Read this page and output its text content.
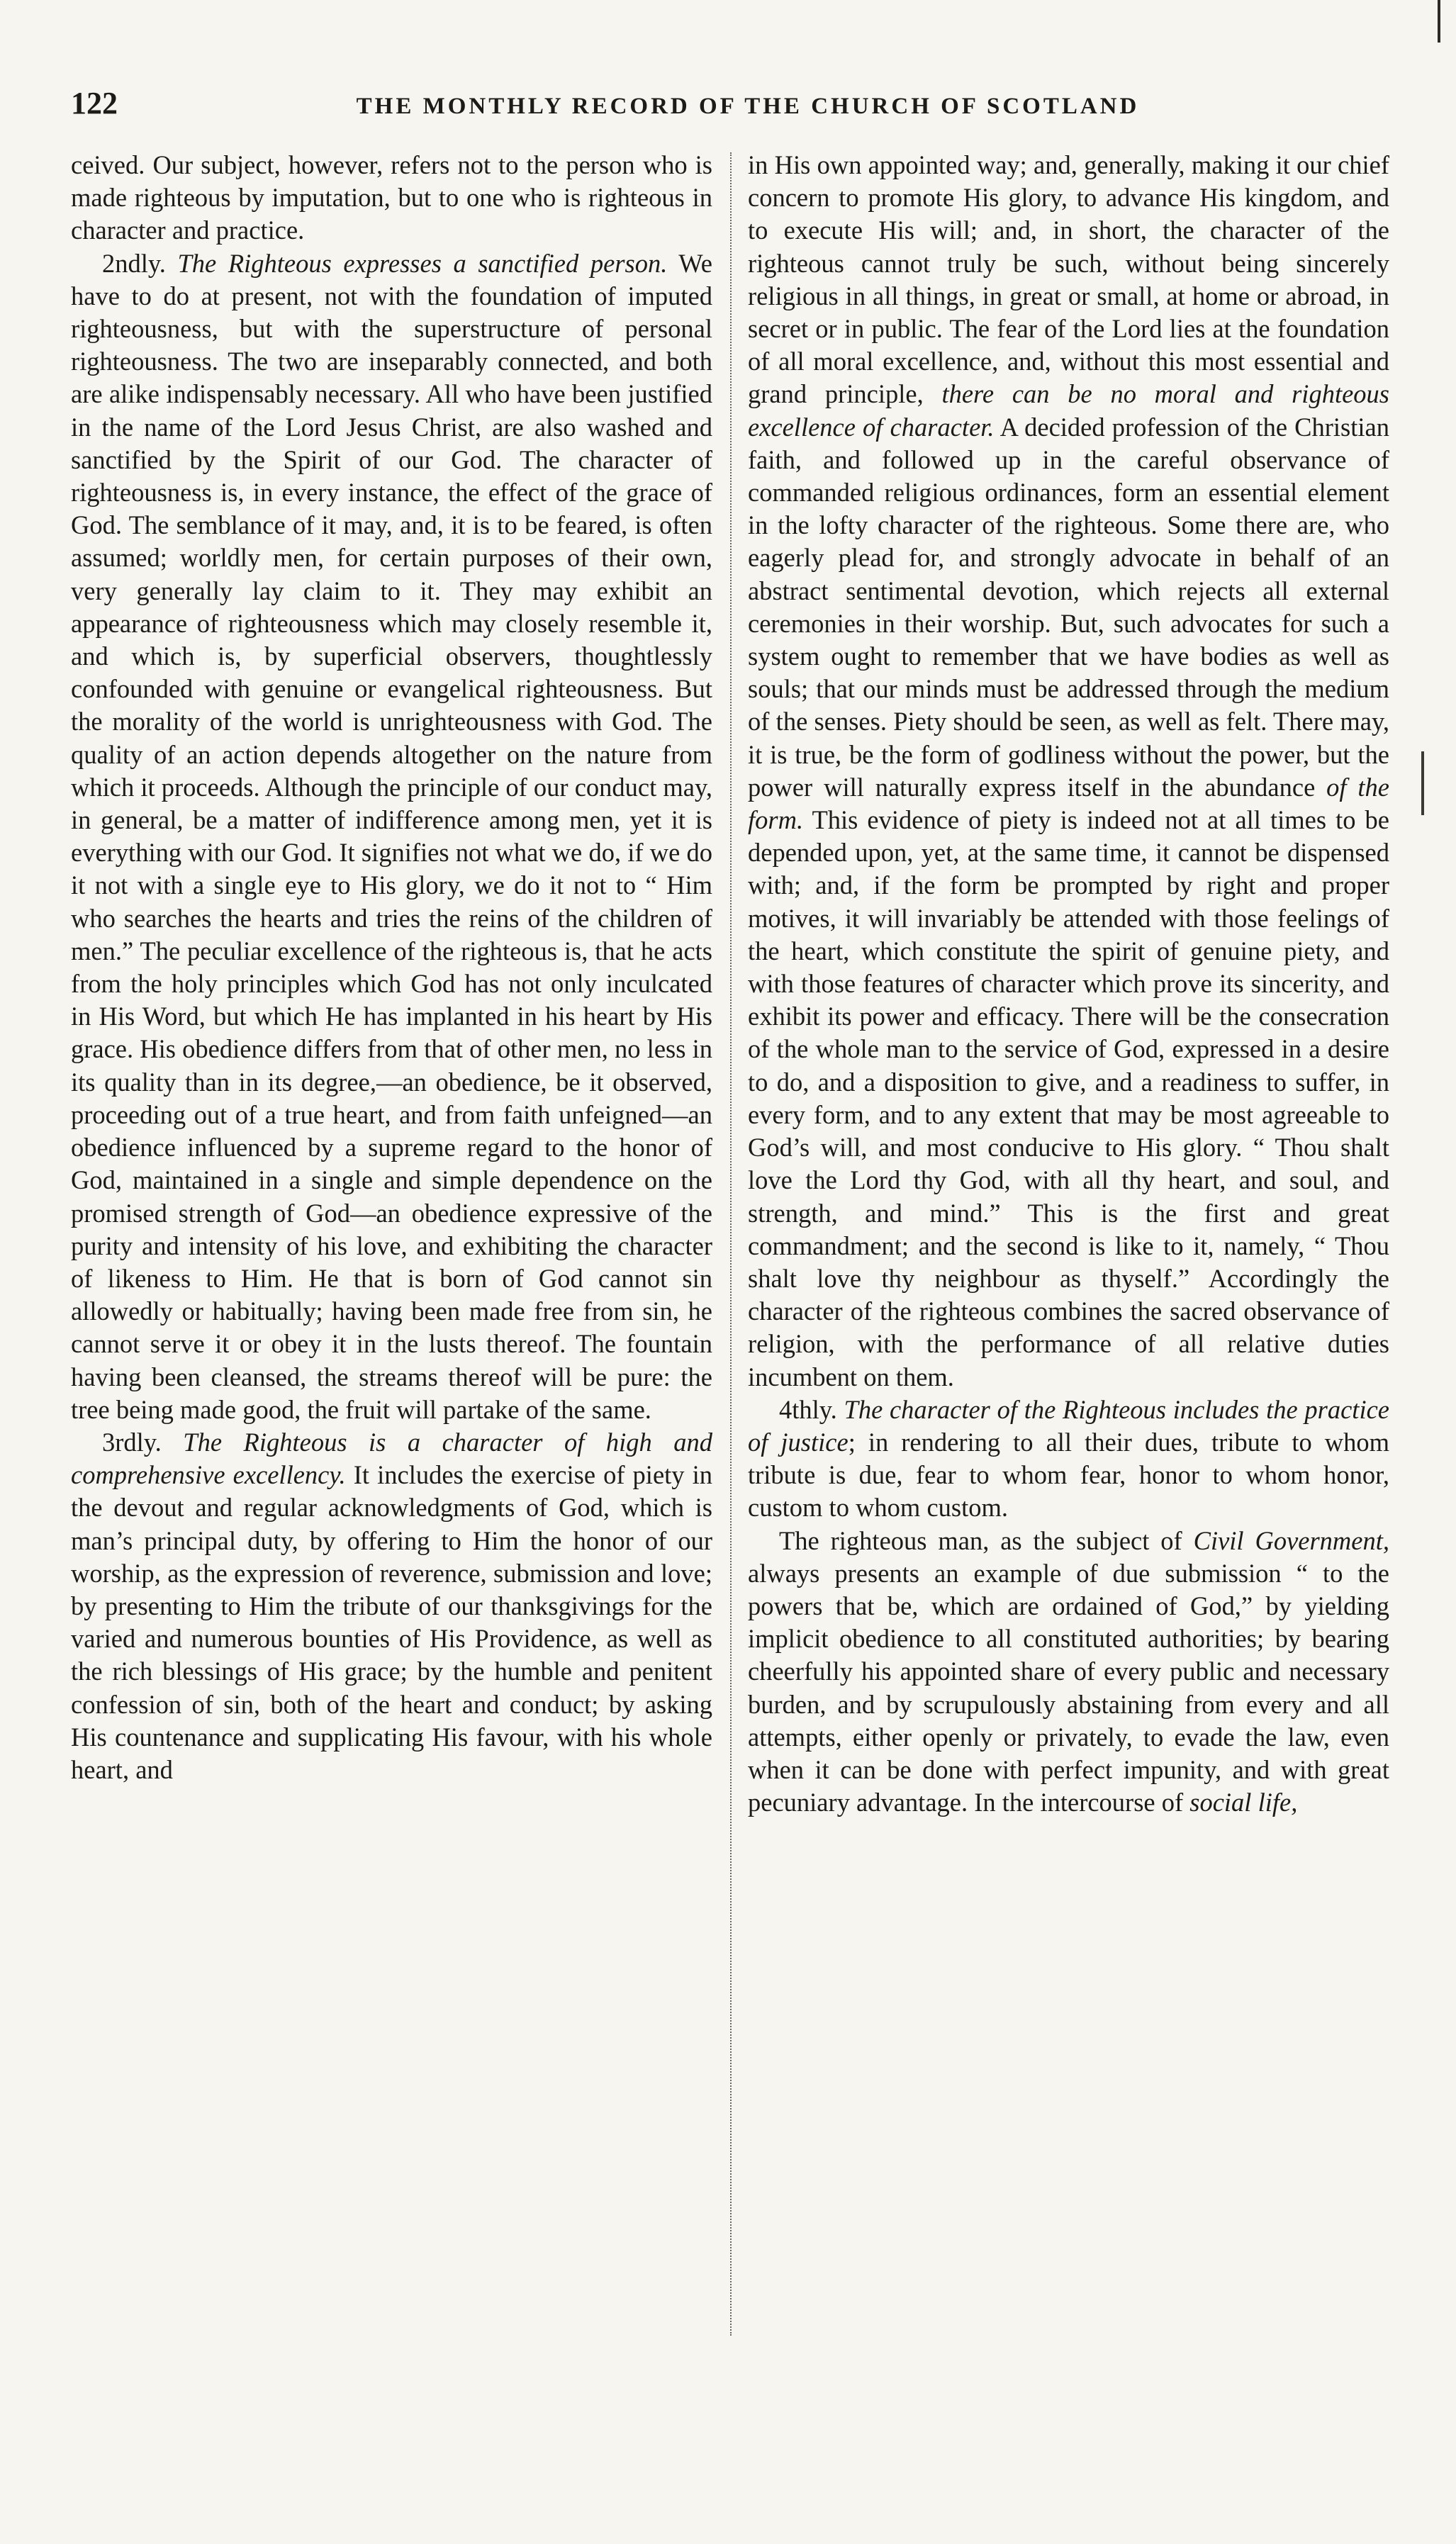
122	THE MONTHLY RECORD OF THE CHURCH OF SCOTLAND

ceived. Our subject, however, refers not to the person who is made righteous by imputation, but to one who is righteous in character and practice.

2ndly. The Righteous expresses a sanctified person. We have to do at present, not with the foundation of imputed righteousness, but with the superstructure of personal righteousness. The two are inseparably connected, and both are alike indispensably necessary. All who have been justified in the name of the Lord Jesus Christ, are also washed and sanctified by the Spirit of our God. The character of righteousness is, in every instance, the effect of the grace of God. The semblance of it may, and, it is to be feared, is often assumed; worldly men, for certain purposes of their own, very generally lay claim to it. They may exhibit an appearance of righteousness which may closely resemble it, and which is, by superficial observers, thoughtlessly confounded with genuine or evangelical righteousness. But the morality of the world is unrighteousness with God. The quality of an action depends altogether on the nature from which it proceeds. Although the principle of our conduct may, in general, be a matter of indifference among men, yet it is everything with our God. It signifies not what we do, if we do it not with a single eye to His glory, we do it not to “ Him who searches the hearts and tries the reins of the children of men.” The peculiar excellence of the righteous is, that he acts from the holy principles which God has not only inculcated in His Word, but which He has implanted in his heart by His grace. His obedience differs from that of other men, no less in its quality than in its degree,—an obedience, be it observed, proceeding out of a true heart, and from faith unfeigned—an obedience influenced by a supreme regard to the honor of God, maintained in a single and simple dependence on the promised strength of God—an obedience expressive of the purity and intensity of his love, and exhibiting the character of likeness to Him. He that is born of God cannot sin allowedly or habitually; having been made free from sin, he cannot serve it or obey it in the lusts thereof. The fountain having been cleansed, the streams thereof will be pure: the tree being made good, the fruit will partake of the same.

3rdly. The Righteous is a character of high and comprehensive excellency. It includes the exercise of piety in the devout and regular acknowledgments of God, which is man’s principal duty, by offering to Him the honor of our worship, as the expression of reverence, submission and love; by presenting to Him the tribute of our thanksgivings for the varied and numerous bounties of His Providence, as well as the rich blessings of His grace; by the humble and penitent confession of sin, both of the heart and conduct; by asking His countenance and supplicating His favour, with his whole heart, and

in His own appointed way; and, generally, making it our chief concern to promote His glory, to advance His kingdom, and to execute His will; and, in short, the character of the righteous cannot truly be such, without being sincerely religious in all things, in great or small, at home or abroad, in secret or in public. The fear of the Lord lies at the foundation of all moral excellence, and, without this most essential and grand principle, there can be no moral and righteous excellence of character. A decided profession of the Christian faith, and followed up in the careful observance of commanded religious ordinances, form an essential element in the lofty character of the righteous. Some there are, who eagerly plead for, and strongly advocate in behalf of an abstract sentimental devotion, which rejects all external ceremonies in their worship. But, such advocates for such a system ought to remember that we have bodies as well as souls; that our minds must be addressed through the medium of the senses. Piety should be seen, as well as felt. There may, it is true, be the form of godliness without the power, but the power will naturally express itself in the abundance of the form. This evidence of piety is indeed not at all times to be depended upon, yet, at the same time, it cannot be dispensed with; and, if the form be prompted by right and proper motives, it will invariably be attended with those feelings of the heart, which constitute the spirit of genuine piety, and with those features of character which prove its sincerity, and exhibit its power and efficacy. There will be the consecration of the whole man to the service of God, expressed in a desire to do, and a disposition to give, and a readiness to suffer, in every form, and to any extent that may be most agreeable to God’s will, and most conducive to His glory. “ Thou shalt love the Lord thy God, with all thy heart, and soul, and strength, and mind.” This is the first and great commandment; and the second is like to it, namely, “ Thou shalt love thy neighbour as thyself.” Accordingly the character of the righteous combines the sacred observance of religion, with the performance of all relative duties incumbent on them.

4thly. The character of the Righteous includes the practice of justice; in rendering to all their dues, tribute to whom tribute is due, fear to whom fear, honor to whom honor, custom to whom custom.

The righteous man, as the subject of Civil Government, always presents an example of due submission “ to the powers that be, which are ordained of God,” by yielding implicit obedience to all constituted authorities; by bearing cheerfully his appointed share of every public and necessary burden, and by scrupulously abstaining from every and all attempts, either openly or privately, to evade the law, even when it can be done with perfect impunity, and with great pecuniary advantage. In the intercourse of social life,
